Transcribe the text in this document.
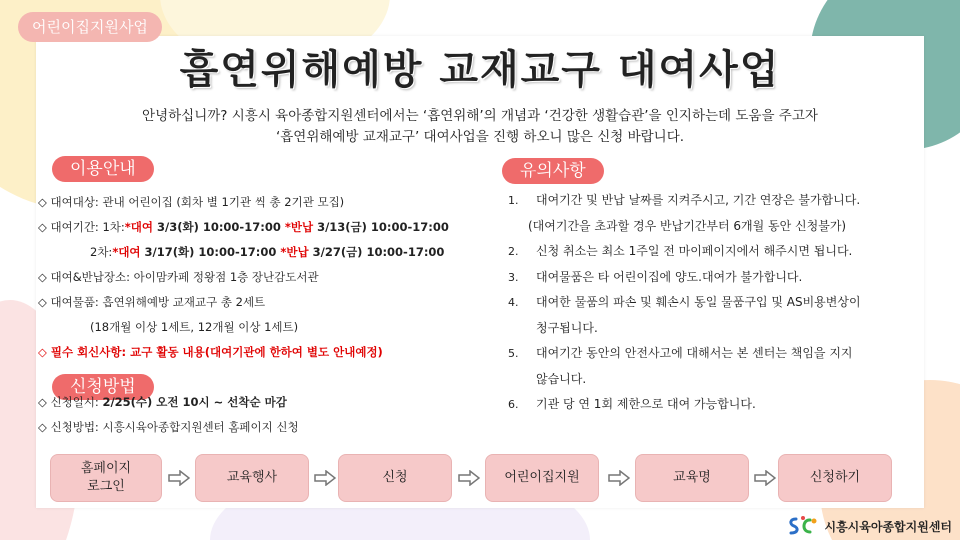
어린이집지원사업
흡연위해예방 교재교구 대여사업
안녕하십니까? 시흥시 육아종합지원센터에서는 ‘흡연위해’의 개념과 ‘건강한 생활습관’을 인지하는데 도움을 주고자
‘흡연위해예방 교재교구’ 대여사업을 진행 하오니 많은 신청 바랍니다.
이용안내
신청방법
유의사항
◇ 대여대상: 관내 어린이집 (회차 별 1기관 씩 총 2기관 모집)
◇ 대여기간: 1차:*대여 3/3(화) 10:00-17:00 *반납 3/13(금) 10:00-17:00
2차:*대여 3/17(화) 10:00-17:00 *반납 3/27(금) 10:00-17:00
◇ 대여&반납장소: 아이맘카페 정왕점 1층 장난감도서관
◇ 대여물품: 흡연위해예방 교재교구 총 2세트
(18개월 이상 1세트, 12개월 이상 1세트)
◇ 필수 회신사항: 교구 활동 내용(대여기관에 한하여 별도 안내예정)
◇ 신청일시: 2/25(수) 오전 10시 ~ 선착순 마감
◇ 신청방법: 시흥시육아종합지원센터 홈페이지 신청
1.	대여기간 및 반납 날짜를 지켜주시고, 기간 연장은 불가합니다.
(대여기간을 초과할 경우 반납기간부터 6개월 동안 신청불가)
2.	신청 취소는 최소 1주일 전 마이페이지에서 해주시면 됩니다.
3.	대여물품은 타 어린이집에 양도.대여가 불가합니다.
4.	대여한 물품의 파손 및 훼손시 동일 물품구입 및 AS비용변상이
청구됩니다.
5.	대여기간 동안의 안전사고에 대해서는 본 센터는 책임을 지지
않습니다.
6.	기관 당 연 1회 제한으로 대여 가능합니다.
홈페이지
로그인
교육행사	신청	어린이집지원	교육명	신청하기
시흥시육아종합지원센터
